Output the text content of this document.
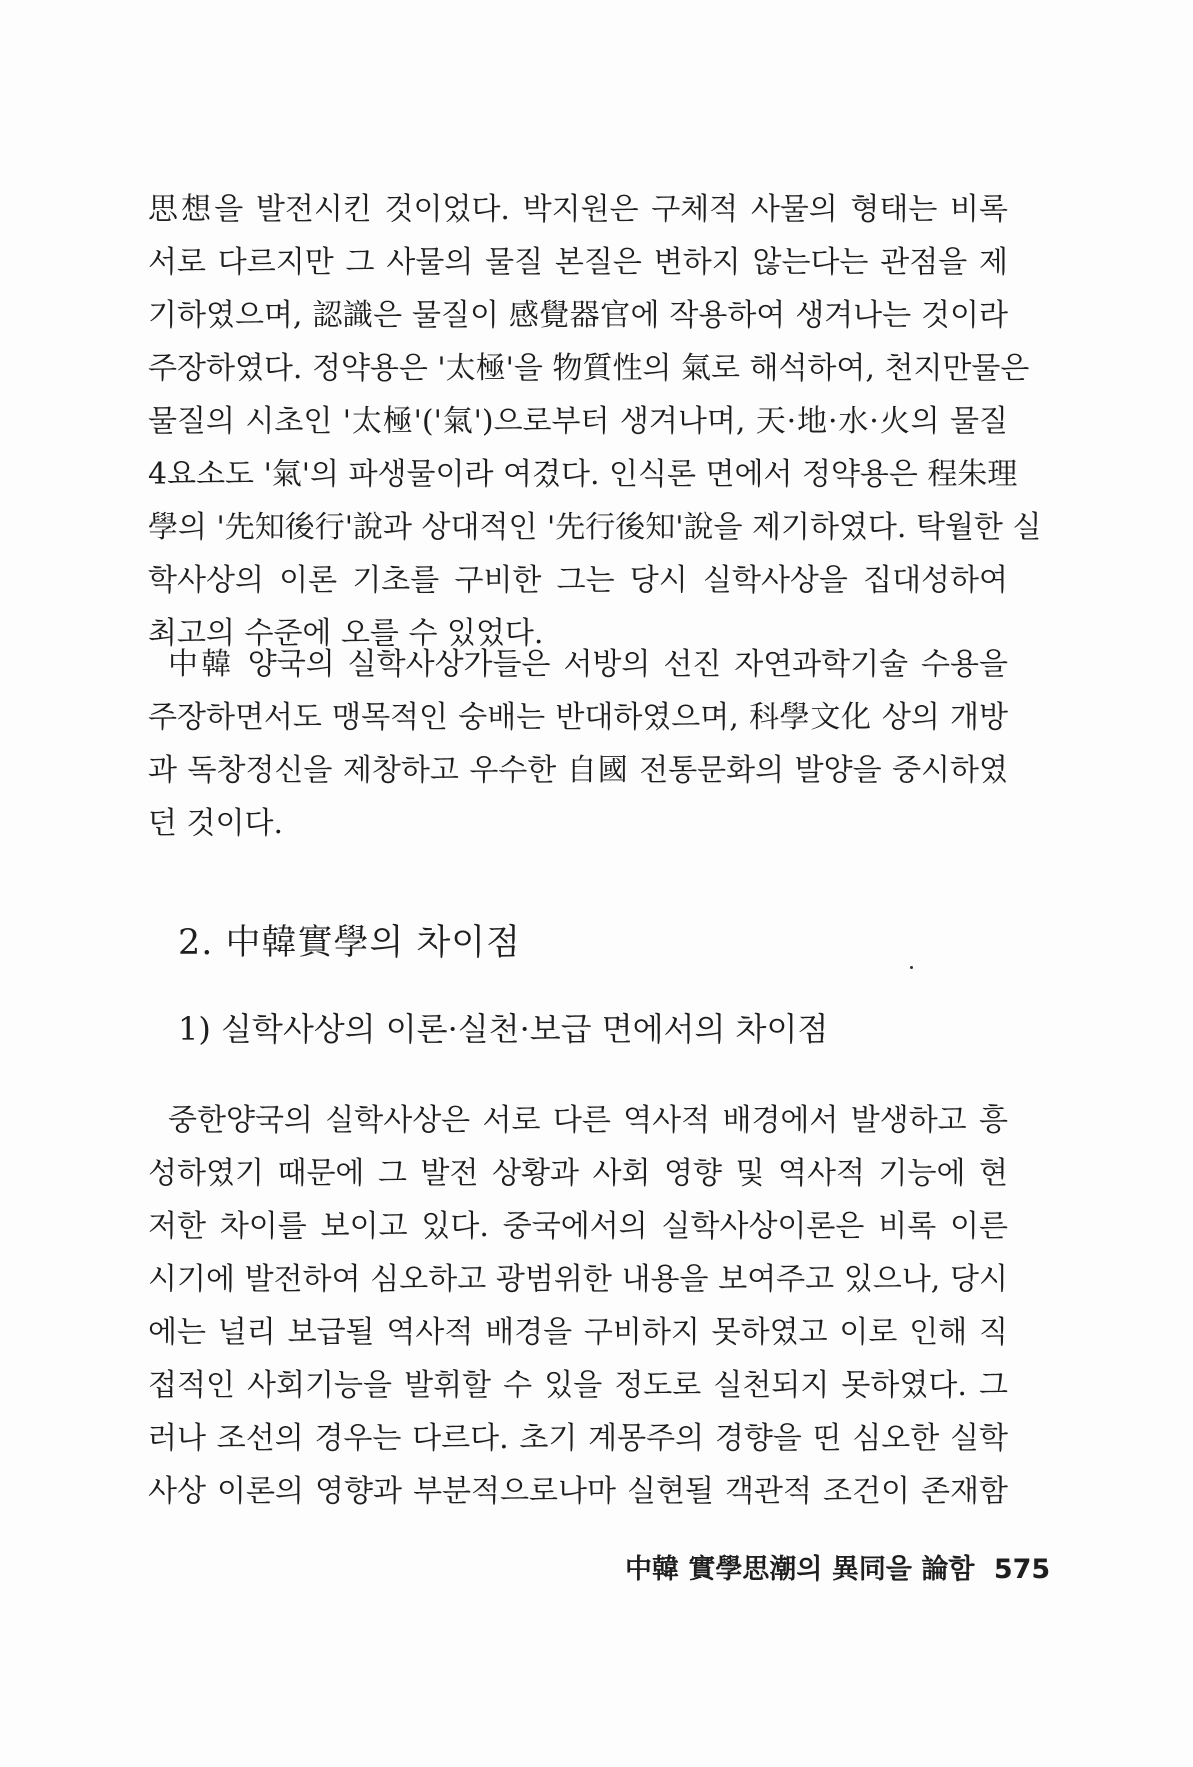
思想을 발전시킨 것이었다. 박지원은 구체적 사물의 형태는 비록
서로 다르지만 그 사물의 물질 본질은 변하지 않는다는 관점을 제
기하였으며, 認識은 물질이 感覺器官에 작용하여 생겨나는 것이라
주장하였다. 정약용은 '太極'을 物質性의 氣로 해석하여, 천지만물은
물질의 시초인 '太極'('氣')으로부터 생겨나며, 天·地·水·火의 물질
4요소도 '氣'의 파생물이라 여겼다. 인식론 면에서 정약용은 程朱理
學의 '先知後行'說과 상대적인 '先行後知'說을 제기하였다. 탁월한 실
학사상의 이론 기초를 구비한 그는 당시 실학사상을 집대성하여
최고의 수준에 오를 수 있었다.
中韓 양국의 실학사상가들은 서방의 선진 자연과학기술 수용을
주장하면서도 맹목적인 숭배는 반대하였으며, 科學文化 상의 개방
과 독창정신을 제창하고 우수한 自國 전통문화의 발양을 중시하였
던 것이다.
2. 中韓實學의 차이점
1) 실학사상의 이론·실천·보급 면에서의 차이점
중한양국의 실학사상은 서로 다른 역사적 배경에서 발생하고 흥
성하였기 때문에 그 발전 상황과 사회 영향 및 역사적 기능에 현
저한 차이를 보이고 있다. 중국에서의 실학사상이론은 비록 이른
시기에 발전하여 심오하고 광범위한 내용을 보여주고 있으나, 당시
에는 널리 보급될 역사적 배경을 구비하지 못하였고 이로 인해 직
접적인 사회기능을 발휘할 수 있을 정도로 실천되지 못하였다. 그
러나 조선의 경우는 다르다. 초기 계몽주의 경향을 띤 심오한 실학
사상 이론의 영향과 부분적으로나마 실현될 객관적 조건이 존재함
中韓 實學思潮의 異同을 論함 575
